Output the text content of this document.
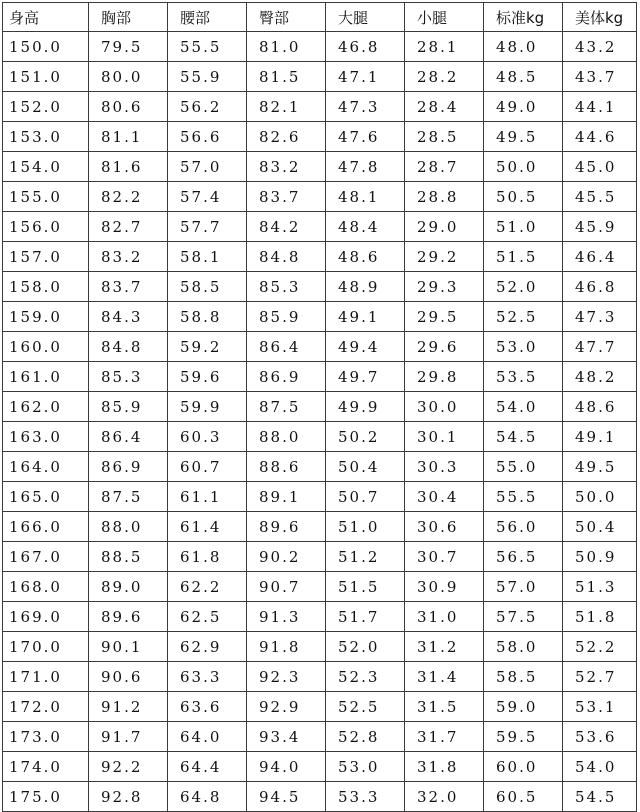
身高	胸部	腰部	臀部	大腿	小腿	标准kg	美体kg
150.0	79.5	55.5	81.0	46.8	28.1	48.0	43.2
151.0	80.0	55.9	81.5	47.1	28.2	48.5	43.7
152.0	80.6	56.2	82.1	47.3	28.4	49.0	44.1
153.0	81.1	56.6	82.6	47.6	28.5	49.5	44.6
154.0	81.6	57.0	83.2	47.8	28.7	50.0	45.0
155.0	82.2	57.4	83.7	48.1	28.8	50.5	45.5
156.0	82.7	57.7	84.2	48.4	29.0	51.0	45.9
157.0	83.2	58.1	84.8	48.6	29.2	51.5	46.4
158.0	83.7	58.5	85.3	48.9	29.3	52.0	46.8
159.0	84.3	58.8	85.9	49.1	29.5	52.5	47.3
160.0	84.8	59.2	86.4	49.4	29.6	53.0	47.7
161.0	85.3	59.6	86.9	49.7	29.8	53.5	48.2
162.0	85.9	59.9	87.5	49.9	30.0	54.0	48.6
163.0	86.4	60.3	88.0	50.2	30.1	54.5	49.1
164.0	86.9	60.7	88.6	50.4	30.3	55.0	49.5
165.0	87.5	61.1	89.1	50.7	30.4	55.5	50.0
166.0	88.0	61.4	89.6	51.0	30.6	56.0	50.4
167.0	88.5	61.8	90.2	51.2	30.7	56.5	50.9
168.0	89.0	62.2	90.7	51.5	30.9	57.0	51.3
169.0	89.6	62.5	91.3	51.7	31.0	57.5	51.8
170.0	90.1	62.9	91.8	52.0	31.2	58.0	52.2
171.0	90.6	63.3	92.3	52.3	31.4	58.5	52.7
172.0	91.2	63.6	92.9	52.5	31.5	59.0	53.1
173.0	91.7	64.0	93.4	52.8	31.7	59.5	53.6
174.0	92.2	64.4	94.0	53.0	31.8	60.0	54.0
175.0	92.8	64.8	94.5	53.3	32.0	60.5	54.5
